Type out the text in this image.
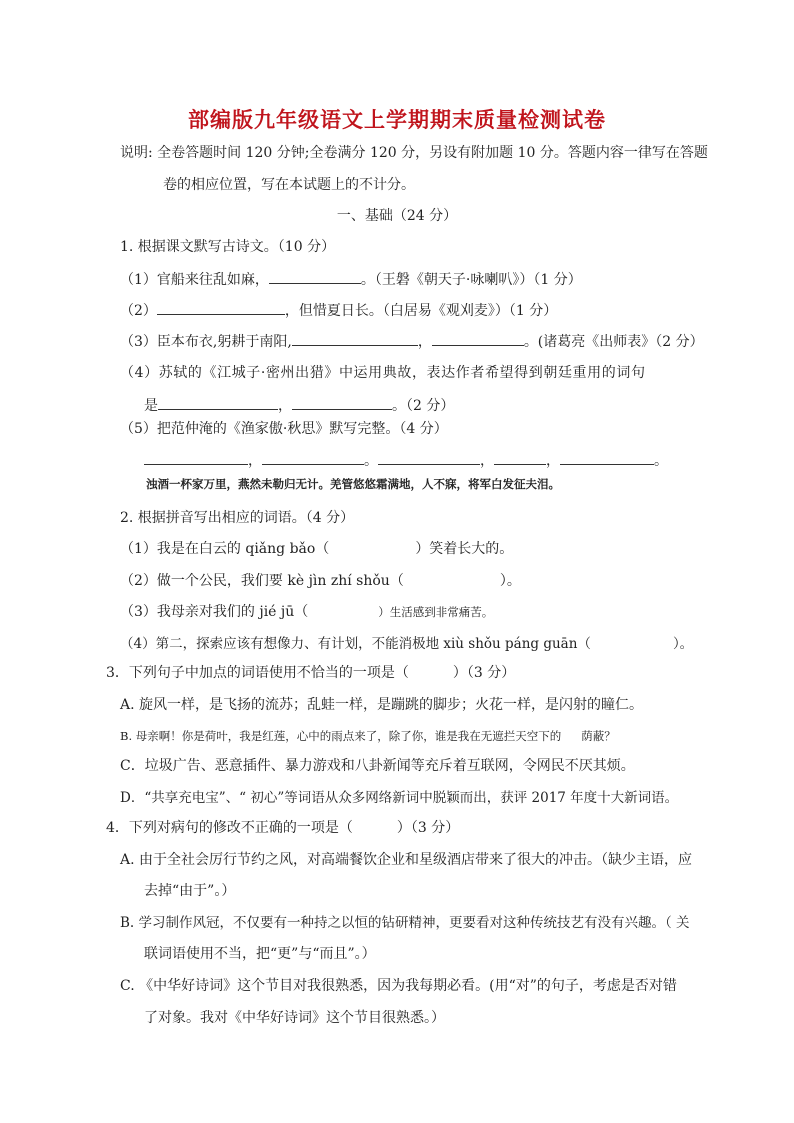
部编版九年级语文上学期期末质量检测试卷
说明: 全卷答题时间 120 分钟;全卷满分 120 分，另设有附加题 10 分。答题内容一律写在答题
卷的相应位置，写在本试题上的不计分。
一、基础（24 分）
1. 根据课文默写古诗文。（10 分）
（1）官船来往乱如麻，	。（王磐《朝天子·咏喇叭》）（1 分）
（2）	，但惜夏日长。（白居易《观刈麦》）（1 分）
（3）臣本布衣,躬耕于南阳,	，	。(诸葛亮《出师表》（2 分）
（4）苏轼的《江城子·密州出猎》中运用典故，表达作者希望得到朝廷重用的词句
是	，	。（2 分）
（5）把范仲淹的《渔家傲·秋思》默写完整。（4 分）
，	。	，	，	。
浊酒一杯家万里，燕然未勒归无计。羌管悠悠霜满地，人不寐，将军白发征夫泪。
2. 根据拼音写出相应的词语。（4 分）
（1）我是在白云的 qiǎng bǎo（	）笑着长大的。
（2）做一个公民，我们要 kè jìn zhí shǒu（	）。
（3）我母亲对我们的 jié jū（	）生活感到非常痛苦。
（4）第二，探索应该有想像力、有计划，不能消极地 xiù shǒu páng guān（	）。
3．下列句子中加点的词语使用不恰当的一项是（	）（3 分）
A. 旋风一样，是飞扬的流苏；乱蛙一样，是蹦跳的脚步；火花一样，是闪射的瞳仁。
B. 母亲啊！你是荷叶，我是红莲，心中的雨点来了，除了你，谁是我在无遮拦天空下的 荫蔽？
C．垃圾广告、恶意插件、暴力游戏和八卦新闻等充斥着互联网，令网民不厌其烦。
D．“共享充电宝”、“ 初心”等词语从众多网络新词中脱颖而出，获评 2017 年度十大新词语。
4．下列对病句的修改不正确的一项是（	）（3 分）
A. 由于全社会厉行节约之风，对高端餐饮企业和星级酒店带来了很大的冲击。（缺少主语，应
去掉“由于”。）
B. 学习制作风冠，不仅要有一种持之以恒的钻研精神，更要看对这种传统技艺有没有兴趣。（ 关
联词语使用不当，把“更”与“而且”。）
C. 《中华好诗词》这个节目对我很熟悉，因为我每期必看。(用“对”的句子，考虑是否对错
了对象。我对《中华好诗词》这个节目很熟悉。）
